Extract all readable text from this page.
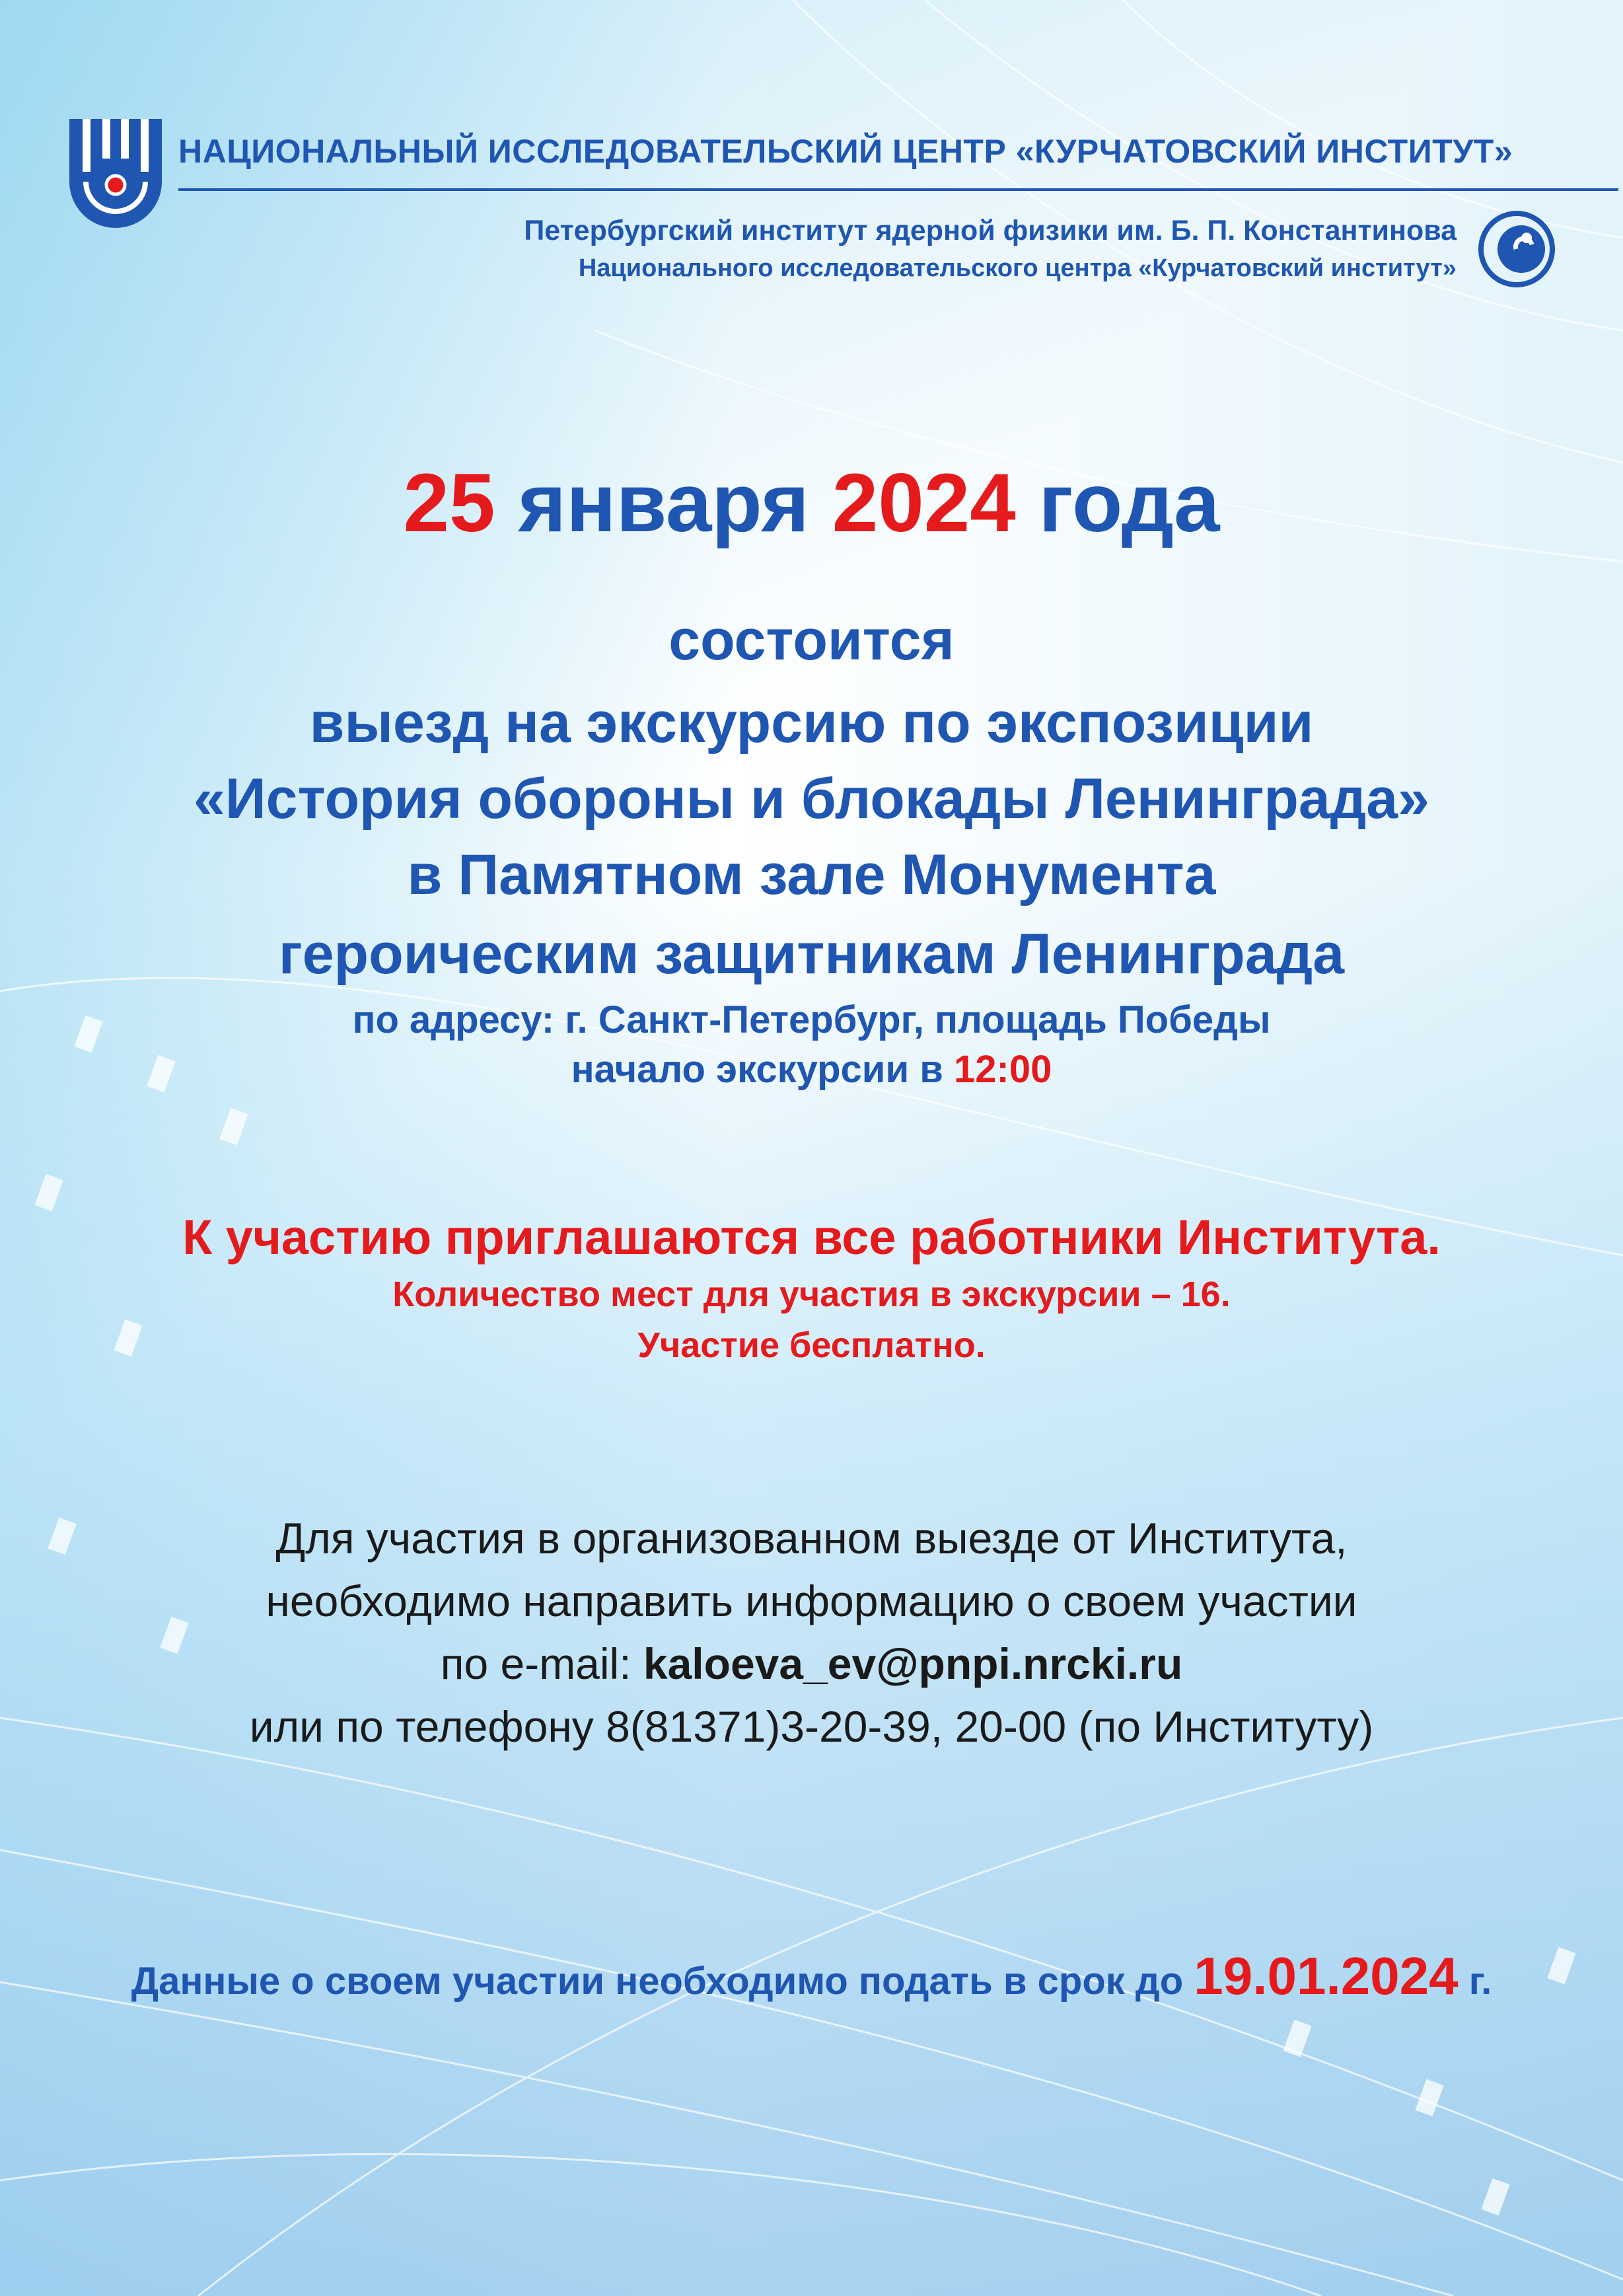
НАЦИОНАЛЬНЫЙ ИССЛЕДОВАТЕЛЬСКИЙ ЦЕНТР «КУРЧАТОВСКИЙ ИНСТИТУТ»
Петербургский институт ядерной физики им. Б. П. Константинова
Национального исследовательского центра «Курчатовский институт»
25 января 2024 года
состоится
выезд на экскурсию по экспозиции
«История обороны и блокады Ленинграда»
в Памятном зале Монумента
героическим защитникам Ленинграда
по адресу: г. Санкт-Петербург, площадь Победы
начало экскурсии в 12:00
К участию приглашаются все работники Института.
Количество мест для участия в экскурсии – 16.
Участие бесплатно.
Для участия в организованном выезде от Института,
необходимо направить информацию о своем участии
по e-mail: kaloeva_ev@pnpi.nrcki.ru
или по телефону 8(81371)3-20-39, 20-00 (по Институту)
Данные о своем участии необходимо подать в срок до 19.01.2024 г.
